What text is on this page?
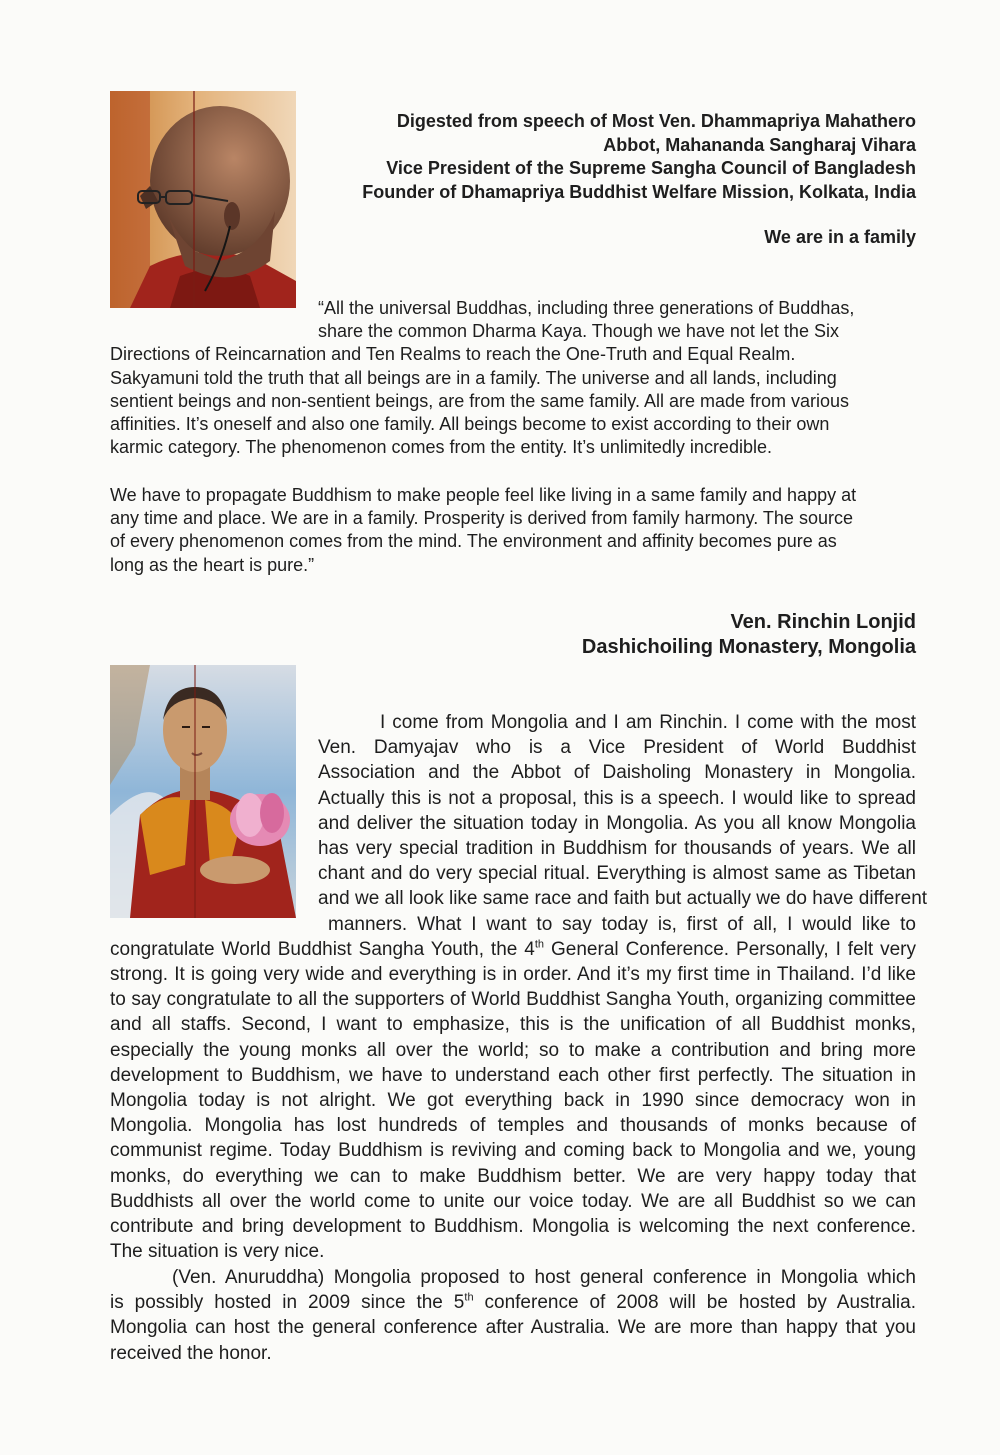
Digested from speech of Most Ven. Dhammapriya Mahathero
Abbot, Mahananda Sangharaj Vihara
Vice President of the Supreme Sangha Council of Bangladesh
Founder of Dhamapriya Buddhist Welfare Mission, Kolkata, India
We are in a family
“All the universal Buddhas, including three generations of Buddhas,
share the common Dharma Kaya. Though we have not let the Six
Directions of Reincarnation and Ten Realms to reach the One-Truth and Equal Realm.
Sakyamuni told the truth that all beings are in a family. The universe and all lands, including
sentient beings and non-sentient beings, are from the same family. All are made from various
affinities. It’s oneself and also one family. All beings become to exist according to their own
karmic category. The phenomenon comes from the entity. It’s unlimitedly incredible.
We have to propagate Buddhism to make people feel like living in a same family and happy at
any time and place. We are in a family. Prosperity is derived from family harmony. The source
of every phenomenon comes from the mind. The environment and affinity becomes pure as
long as the heart is pure.”
Ven. Rinchin Lonjid
Dashichoiling Monastery, Mongolia
I come from Mongolia and I am Rinchin. I come with the most
Ven. Damyajav who is a Vice President of World Buddhist
Association and the Abbot of Daisholing Monastery in Mongolia.
Actually this is not a proposal, this is a speech. I would like to spread
and deliver the situation today in Mongolia. As you all know Mongolia
has very special tradition in Buddhism for thousands of years. We all
chant and do very special ritual. Everything is almost same as Tibetan
and we all look like same race and faith but actually we do have different
manners. What I want to say today is, first of all, I would like to
congratulate World Buddhist Sangha Youth, the 4th General Conference. Personally, I felt very
strong. It is going very wide and everything is in order. And it’s my first time in Thailand. I’d like
to say congratulate to all the supporters of World Buddhist Sangha Youth, organizing committee
and all staffs. Second, I want to emphasize, this is the unification of all Buddhist monks,
especially the young monks all over the world; so to make a contribution and bring more
development to Buddhism, we have to understand each other first perfectly. The situation in
Mongolia today is not alright. We got everything back in 1990 since democracy won in
Mongolia. Mongolia has lost hundreds of temples and thousands of monks because of
communist regime. Today Buddhism is reviving and coming back to Mongolia and we, young
monks, do everything we can to make Buddhism better. We are very happy today that
Buddhists all over the world come to unite our voice today. We are all Buddhist so we can
contribute and bring development to Buddhism. Mongolia is welcoming the next conference.
The situation is very nice.
(Ven. Anuruddha) Mongolia proposed to host general conference in Mongolia which
is possibly hosted in 2009 since the 5th conference of 2008 will be hosted by Australia.
Mongolia can host the general conference after Australia. We are more than happy that you
received the honor.
